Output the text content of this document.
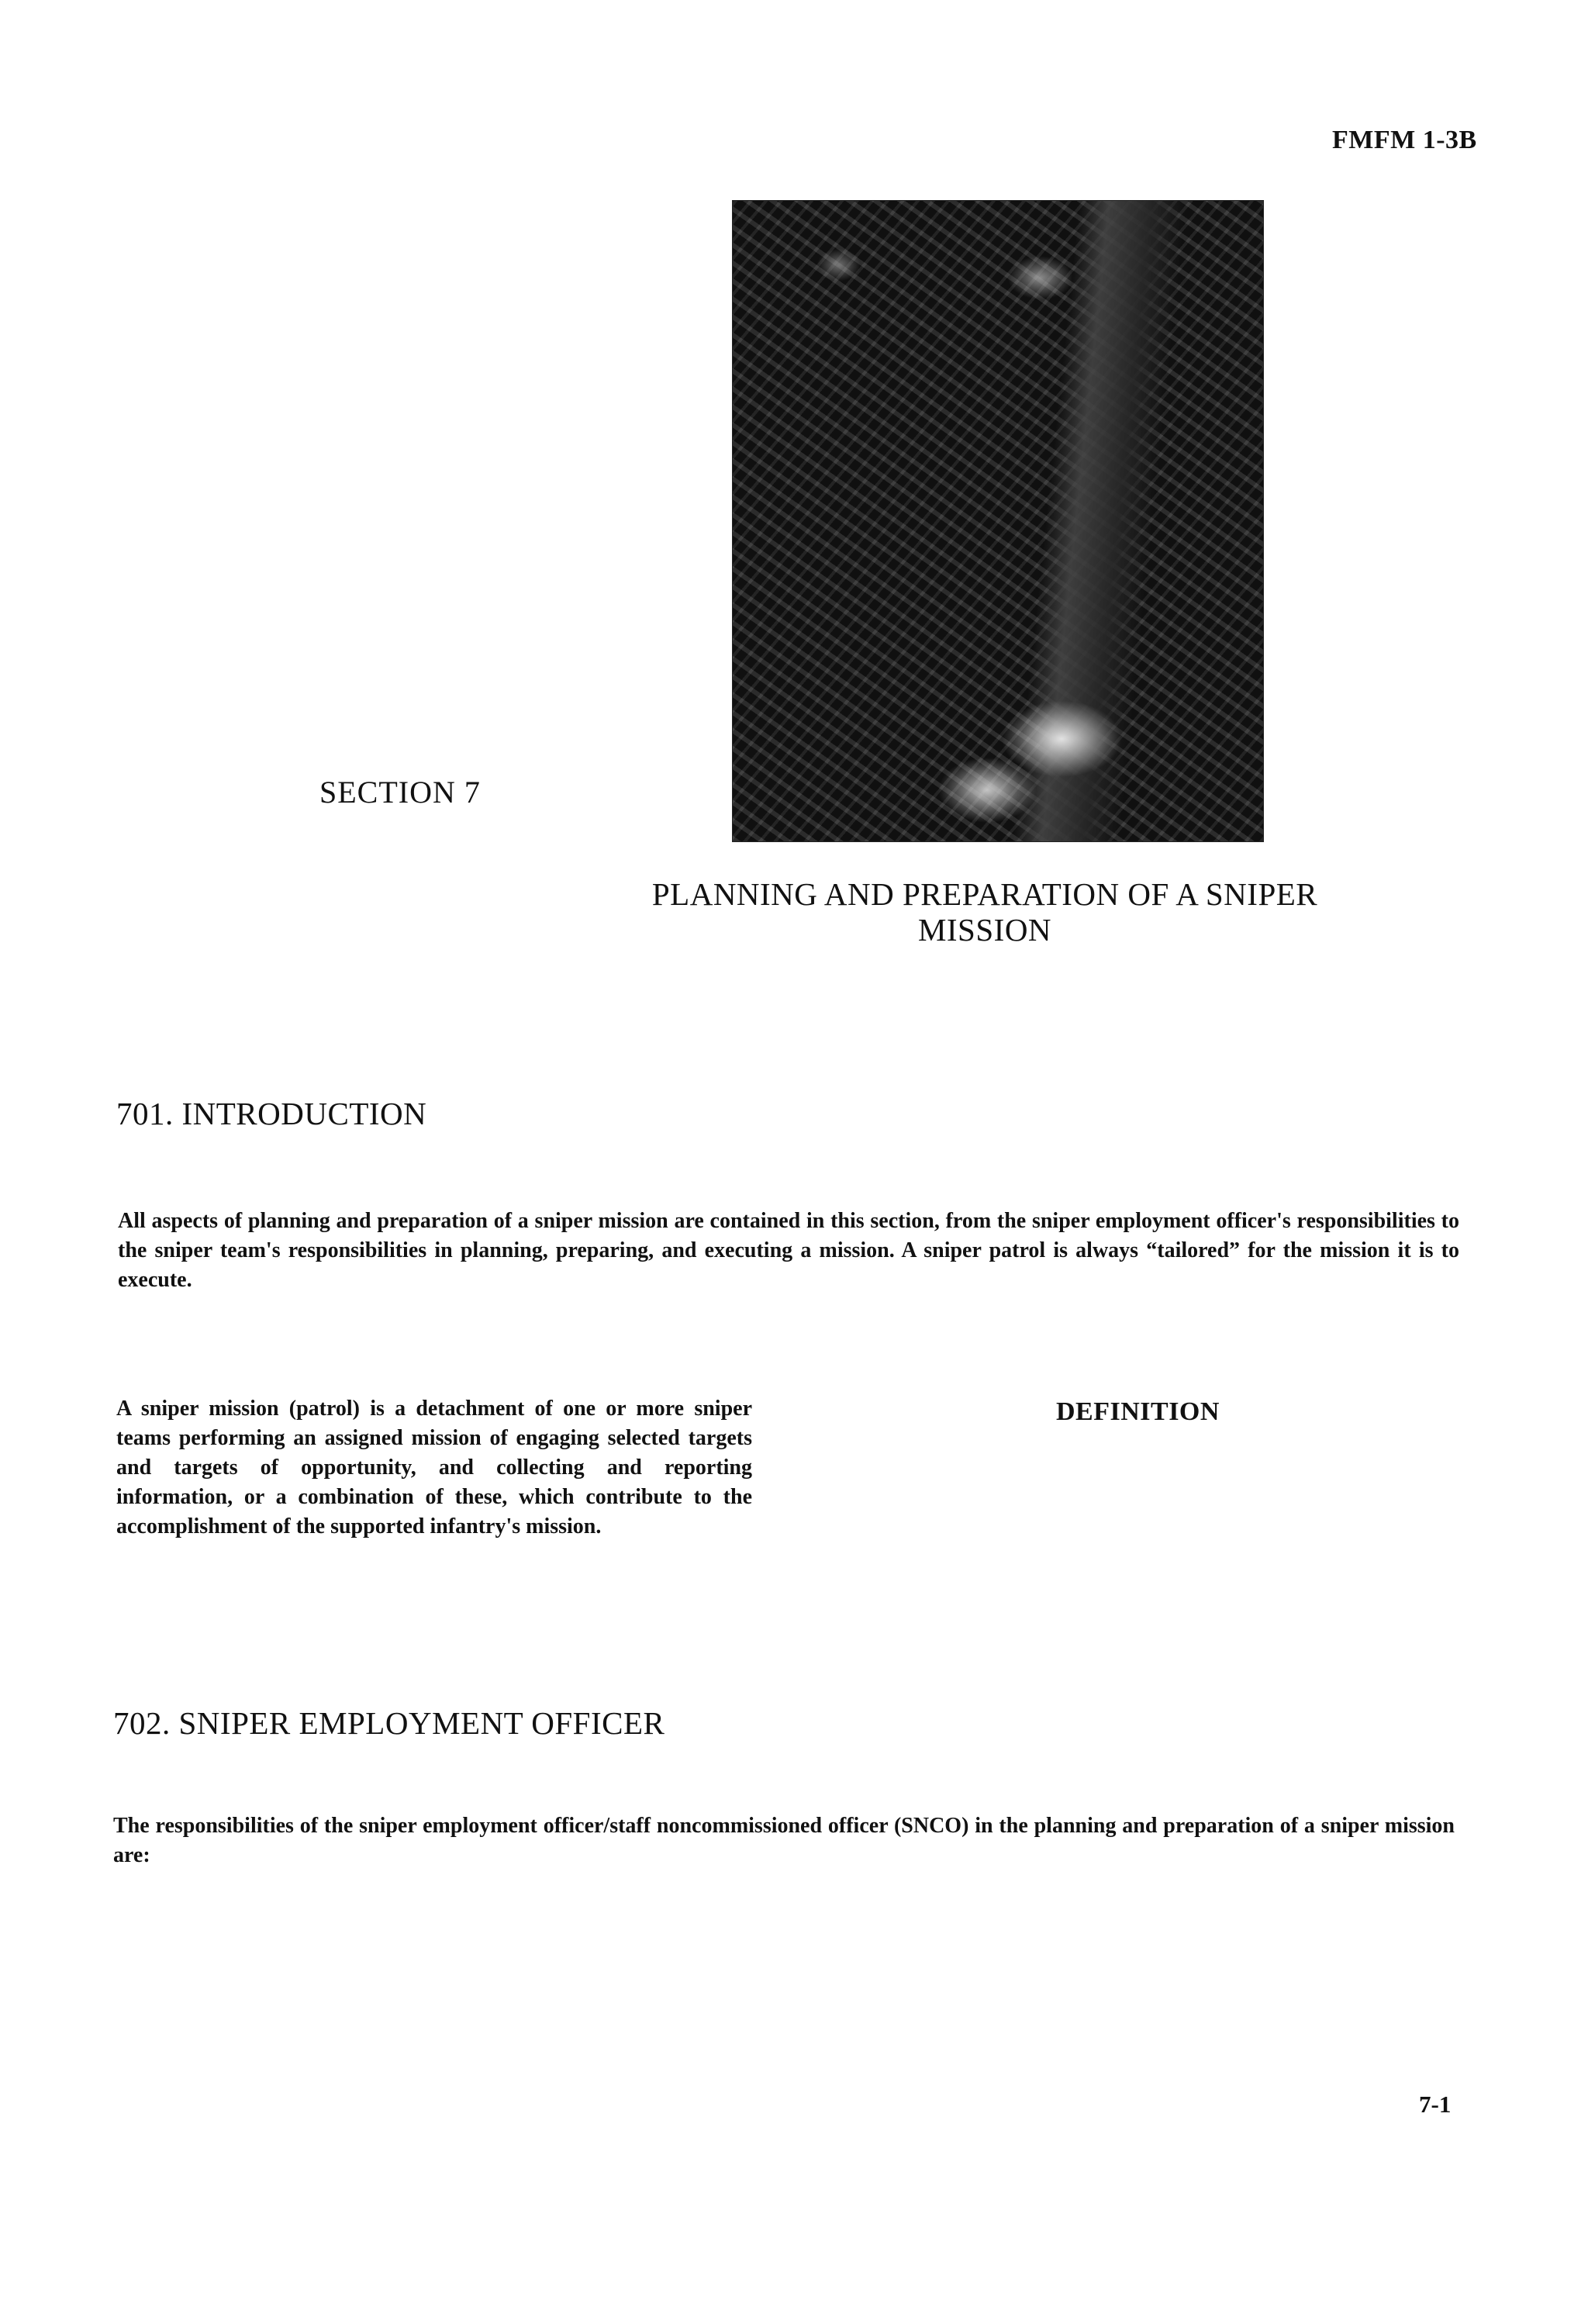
FMFM 1-3B
SECTION 7
PLANNING AND PREPARATION OF A SNIPER MISSION
701. INTRODUCTION
All aspects of planning and preparation of a sniper mission are contained in this section, from the sniper employment officer's responsibilities to the sniper team's responsibilities in planning, preparing, and executing a mission. A sniper patrol is always “tailored” for the mission it is to execute.
A sniper mission (patrol) is a detachment of one or more sniper teams performing an assigned mission of engaging selected targets and targets of opportunity, and collecting and reporting information, or a combination of these, which contribute to the accomplishment of the supported infantry's mission.
DEFINITION
702. SNIPER EMPLOYMENT OFFICER
The responsibilities of the sniper employment officer/staff noncommissioned officer (SNCO) in the planning and preparation of a sniper mission are:
7-1
